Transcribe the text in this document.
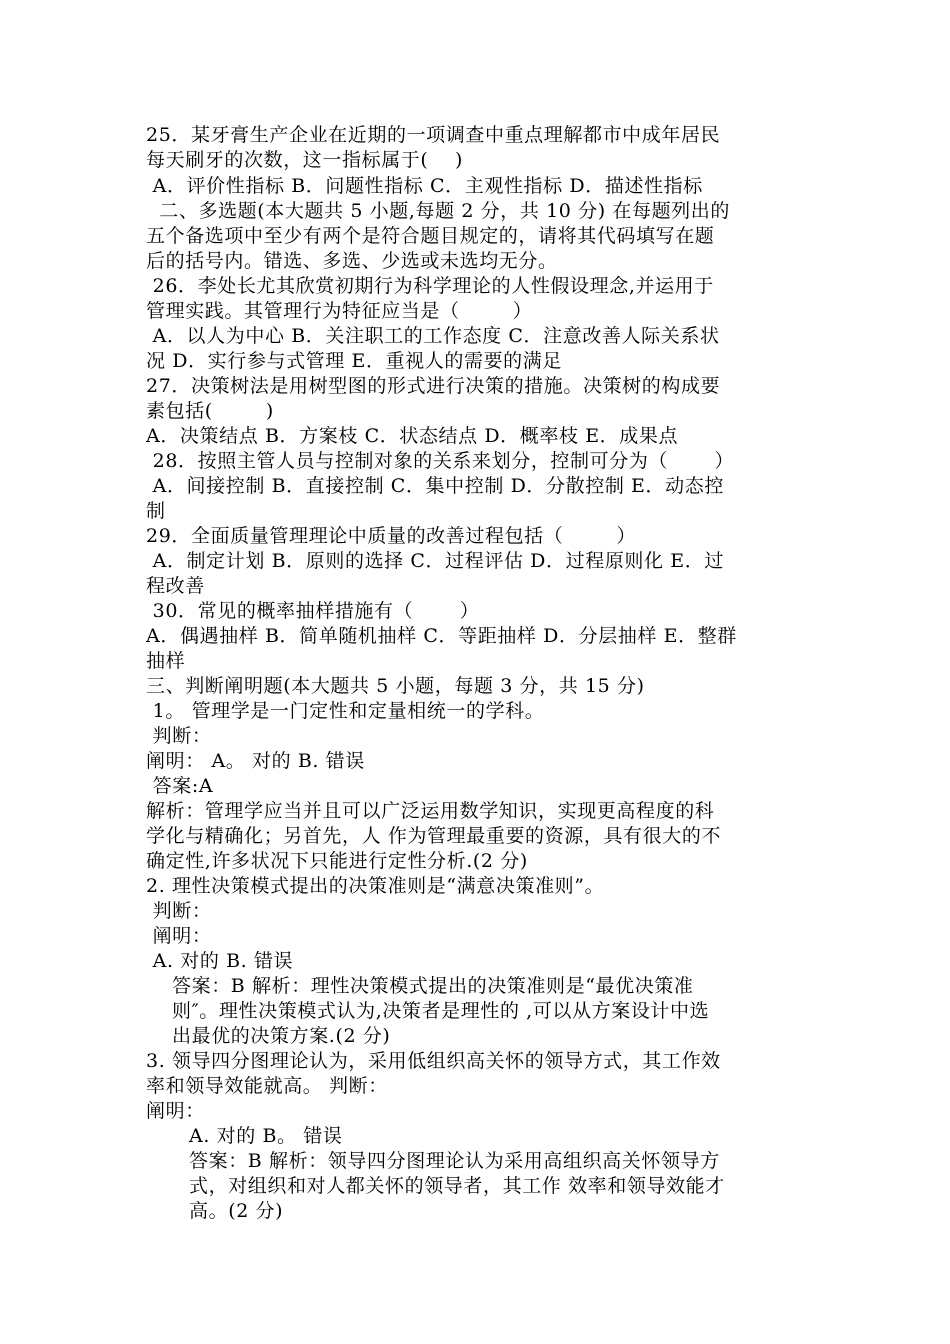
25．某牙膏生产企业在近期的一项调查中重点理解都市中成年居民
每天刷牙的次数，这一指标属于(    )
A．评价性指标 B．问题性指标 C．主观性指标 D．描述性指标
二、多选题(本大题共 5 小题,每题 2 分，共 10 分) 在每题列出的
五个备选项中至少有两个是符合题目规定的，请将其代码填写在题
后的括号内。错选、多选、少选或未选均无分。
26．李处长尤其欣赏初期行为科学理论的人性假设理念,并运用于
管理实践。其管理行为特征应当是（        ）
A．以人为中心 B．关注职工的工作态度 C．注意改善人际关系状
况 D．实行参与式管理 E．重视人的需要的满足
27．决策树法是用树型图的形式进行决策的措施。决策树的构成要
素包括(        )
A．决策结点 B．方案枝 C．状态结点 D．概率枝 E．成果点
28．按照主管人员与控制对象的关系来划分，控制可分为（       ）
A．间接控制 B．直接控制 C．集中控制 D．分散控制 E．动态控
制
29．全面质量管理理论中质量的改善过程包括（        ）
A．制定计划 B．原则的选择 C．过程评估 D．过程原则化 E．过
程改善
30．常见的概率抽样措施有（       ）
A．偶遇抽样 B．简单随机抽样 C．等距抽样 D．分层抽样 E．整群
抽样
三、判断阐明题(本大题共 5 小题，每题 3 分，共 15 分)
1。 管理学是一门定性和定量相统一的学科。
判断：
阐明： A。 对的 B. 错误
答案:A
解析：管理学应当并且可以广泛运用数学知识，实现更高程度的科
学化与精确化；另首先，人 作为管理最重要的资源，具有很大的不
确定性,许多状况下只能进行定性分析.(2 分)
2. 理性决策模式提出的决策准则是“满意决策准则”。
判断：
阐明：
A. 对的 B. 错误
答案：B 解析：理性决策模式提出的决策准则是“最优决策准
则″。理性决策模式认为,决策者是理性的 ,可以从方案设计中选
出最优的决策方案.(2 分)
3. 领导四分图理论认为，采用低组织高关怀的领导方式，其工作效
率和领导效能就高。 判断：
阐明：
A. 对的 B。 错误
答案：B 解析：领导四分图理论认为采用高组织高关怀领导方
式，对组织和对人都关怀的领导者，其工作 效率和领导效能才
高。(2 分)
